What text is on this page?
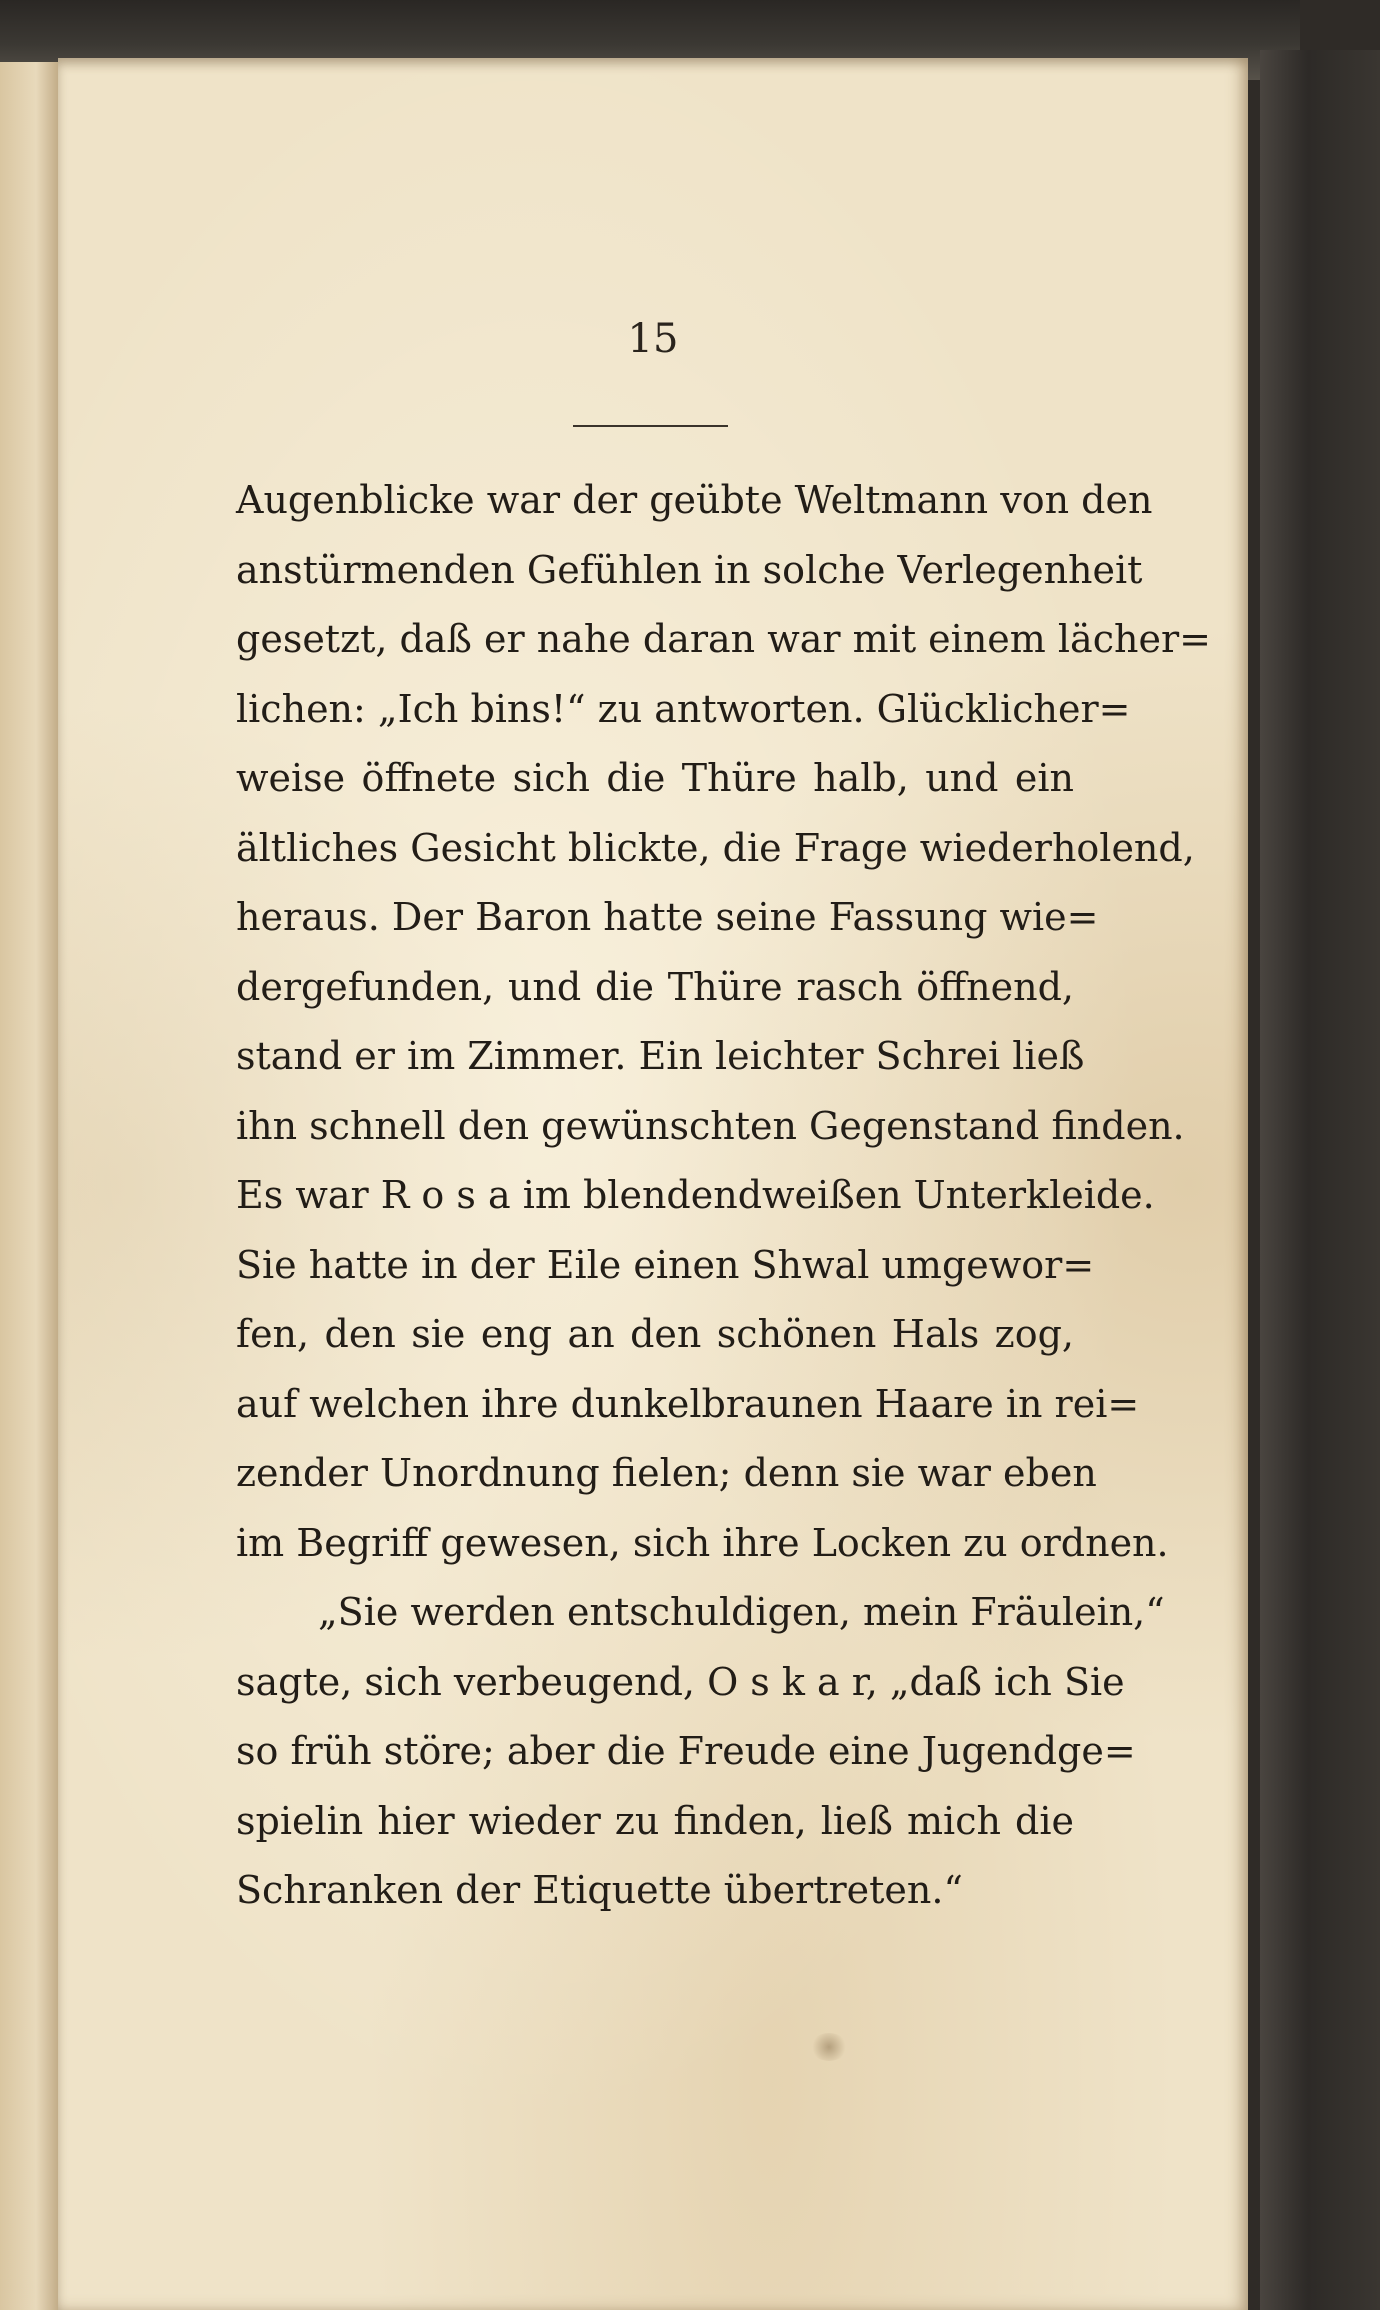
15
Augenblicke war der geübte Weltmann von den
anstürmenden Gefühlen in solche Verlegenheit
gesetzt, daß er nahe daran war mit einem lächer=
lichen: „Ich bins!“ zu antworten. Glücklicher=
weise öffnete sich die Thüre halb, und ein
ältliches Gesicht blickte, die Frage wiederholend,
heraus. Der Baron hatte seine Fassung wie=
dergefunden, und die Thüre rasch öffnend,
stand er im Zimmer. Ein leichter Schrei ließ
ihn schnell den gewünschten Gegenstand finden.
Es war R o s a im blendendweißen Unterkleide.
Sie hatte in der Eile einen Shwal umgewor=
fen, den sie eng an den schönen Hals zog,
auf welchen ihre dunkelbraunen Haare in rei=
zender Unordnung fielen; denn sie war eben
im Begriff gewesen, sich ihre Locken zu ordnen.
„Sie werden entschuldigen, mein Fräulein,“
sagte, sich verbeugend, O s k a r, „daß ich Sie
so früh störe; aber die Freude eine Jugendge=
spielin hier wieder zu finden, ließ mich die
Schranken der Etiquette übertreten.“
